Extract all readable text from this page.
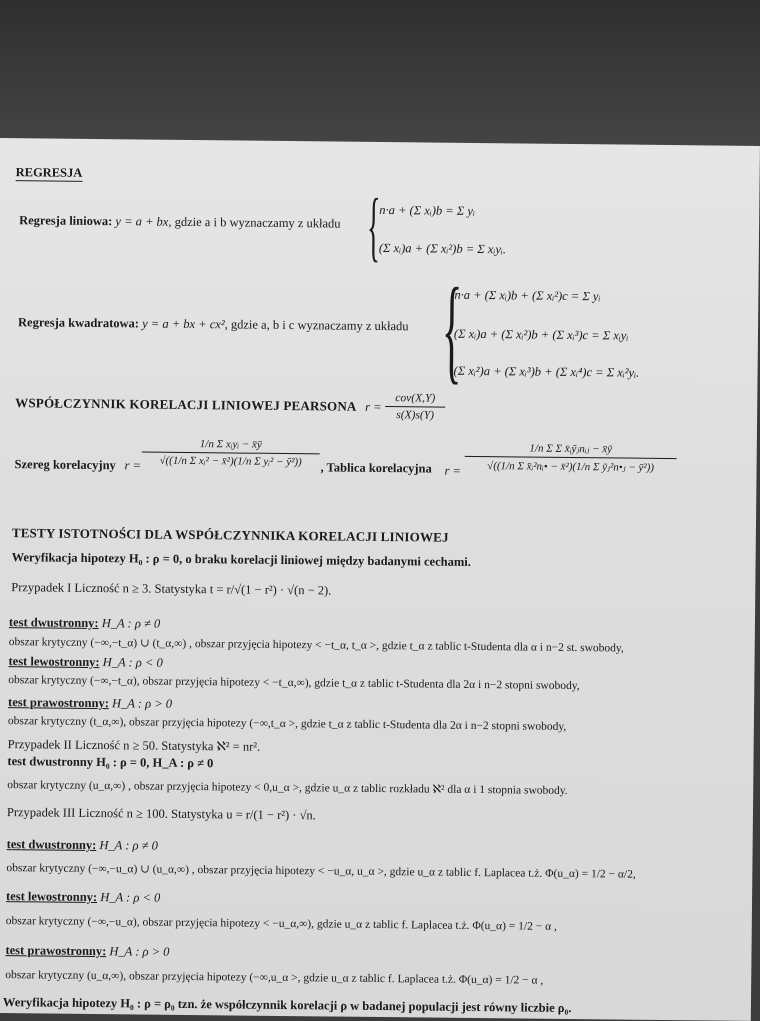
REGRESJA
Regresja liniowa: y = a + bx, gdzie a i b wyznaczamy z układu {
n·a + (Σ xᵢ)b = Σ yᵢ
(Σ xᵢ)a + (Σ xᵢ²)b = Σ xᵢyᵢ.
Regresja kwadratowa: y = a + bx + cx², gdzie a, b i c wyznaczamy z układu {
n·a + (Σ xᵢ)b + (Σ xᵢ²)c = Σ yᵢ
(Σ xᵢ)a + (Σ xᵢ²)b + (Σ xᵢ³)c = Σ xᵢyᵢ
(Σ xᵢ²)a + (Σ xᵢ³)b + (Σ xᵢ⁴)c = Σ xᵢ²yᵢ.
WSPÓŁCZYNNIK KORELACJI LINIOWEJ PEARSONA r =
cov(X,Y)
s(X)s(Y)
Szereg korelacyjny r =
1/n Σ xᵢyᵢ − x̄ȳ
√((1/n Σ xᵢ² − x̄²)(1/n Σ yᵢ² − ȳ²))	, Tablica korelacyjna r =
1/n Σ Σ x̄ᵢȳⱼnᵢⱼ − x̄ȳ
√((1/n Σ x̄ᵢ²nᵢ• − x̄²)(1/n Σ ȳⱼ²n•ⱼ − ȳ²))
TESTY ISTOTNOŚCI DLA WSPÓŁCZYNNIKA KORELACJI LINIOWEJ
Weryfikacja hipotezy H₀ : ρ = 0, o braku korelacji liniowej między badanymi cechami.
Przypadek I Liczność n ≥ 3. Statystyka t = r/√(1 − r²) · √(n − 2).
test dwustronny: H_A : ρ ≠ 0
obszar krytyczny (−∞,−t_α) ∪ (t_α,∞) , obszar przyjęcia hipotezy < −t_α, t_α >, gdzie t_α z tablic t-Studenta dla α i n−2 st. swobody,
test lewostronny: H_A : ρ < 0
obszar krytyczny (−∞,−t_α), obszar przyjęcia hipotezy < −t_α,∞), gdzie t_α z tablic t-Studenta dla 2α i n−2 stopni swobody,
test prawostronny: H_A : ρ > 0
obszar krytyczny (t_α,∞), obszar przyjęcia hipotezy (−∞,t_α >, gdzie t_α z tablic t-Studenta dla 2α i n−2 stopni swobody,
Przypadek II Liczność n ≥ 50. Statystyka ℵ² = nr².
test dwustronny H₀ : ρ = 0, H_A : ρ ≠ 0
obszar krytyczny (u_α,∞) , obszar przyjęcia hipotezy < 0,u_α >, gdzie u_α z tablic rozkładu ℵ² dla α i 1 stopnia swobody.
Przypadek III Liczność n ≥ 100. Statystyka u = r/(1 − r²) · √n.
test dwustronny: H_A : ρ ≠ 0
obszar krytyczny (−∞,−u_α) ∪ (u_α,∞) , obszar przyjęcia hipotezy < −u_α, u_α >, gdzie u_α z tablic f. Laplacea t.ż. Φ(u_α) = 1/2 − α/2,
test lewostronny: H_A : ρ < 0
obszar krytyczny (−∞,−u_α), obszar przyjęcia hipotezy < −u_α,∞), gdzie u_α z tablic f. Laplacea t.ż. Φ(u_α) = 1/2 − α ,
test prawostronny: H_A : ρ > 0
obszar krytyczny (u_α,∞), obszar przyjęcia hipotezy (−∞,u_α >, gdzie u_α z tablic f. Laplacea t.ż. Φ(u_α) = 1/2 − α ,
Weryfikacja hipotezy H₀ : ρ = ρ₀ tzn. że współczynnik korelacji ρ w badanej populacji jest równy liczbie ρ₀.
